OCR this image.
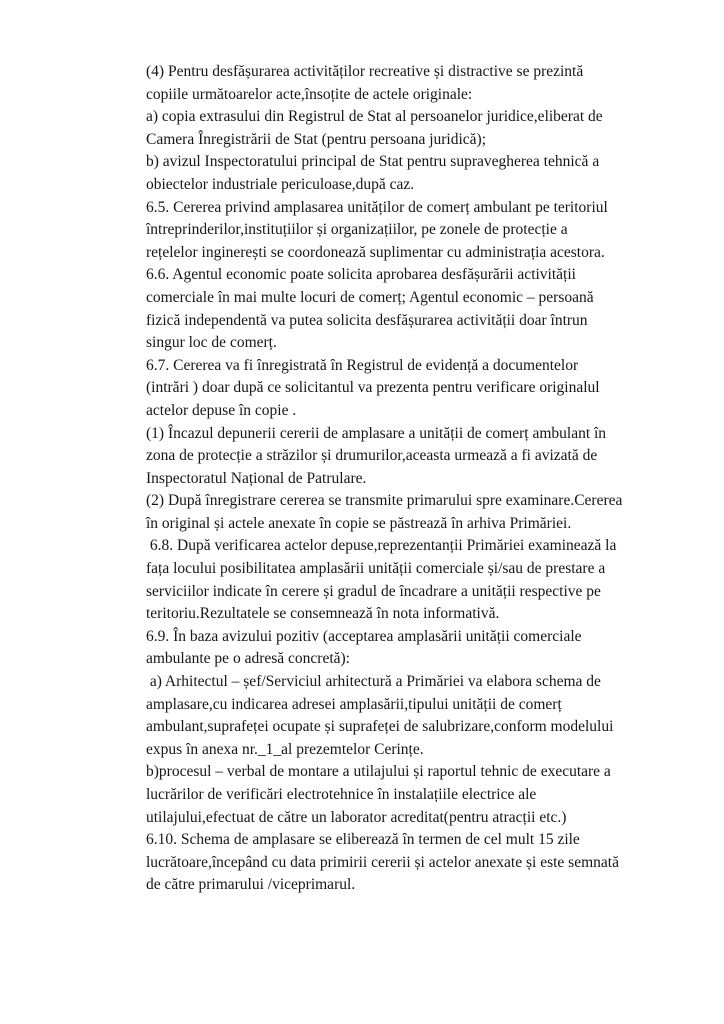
(4) Pentru desfășurarea activităților recreative și distractive se prezintă
copiile următoarelor acte,însoțite de actele originale:
a) copia extrasului din Registrul de Stat al persoanelor juridice,eliberat de
Camera Înregistrării de Stat (pentru persoana juridică);
b) avizul Inspectoratului principal de Stat pentru supravegherea tehnică a
obiectelor industriale periculoase,după caz.
6.5. Cererea privind amplasarea unităților de comerț ambulant pe teritoriul
întreprinderilor,instituțiilor și organizațiilor, pe zonele de protecție a
rețelelor inginerești se coordonează suplimentar cu administrația acestora.
6.6. Agentul economic poate solicita aprobarea desfășurării activității
comerciale în mai multe locuri de comerț; Agentul economic – persoană
fizică independentă va putea solicita desfășurarea activității doar întrun
singur loc de comerț.
6.7. Cererea va fi înregistrată în Registrul de evidență a documentelor
(intrări ) doar după ce solicitantul va prezenta pentru verificare originalul
actelor depuse în copie .
(1) Încazul depunerii cererii de amplasare a unității de comerț ambulant în
zona de protecție a străzilor și drumurilor,aceasta urmează a fi avizată de
Inspectoratul Național de Patrulare.
(2) După înregistrare cererea se transmite primarului spre examinare.Cererea
în original și actele anexate în copie se păstrează în arhiva Primăriei.
6.8. După verificarea actelor depuse,reprezentanții Primăriei examinează la
fața locului posibilitatea amplasării unității comerciale și/sau de prestare a
serviciilor indicate în cerere și gradul de încadrare a unității respective pe
teritoriu.Rezultatele se consemnează în nota informativă.
6.9. În baza avizului pozitiv (acceptarea amplasării unității comerciale
ambulante pe o adresă concretă):
a) Arhitectul – șef/Serviciul arhitectură a Primăriei va elabora schema de
amplasare,cu indicarea adresei amplasării,tipului unității de comerț
ambulant,suprafeței ocupate și suprafeței de salubrizare,conform modelului
expus în anexa nr._1_al prezemtelor Cerințe.
b)procesul – verbal de montare a utilajului și raportul tehnic de executare a
lucrărilor de verificări electrotehnice în instalațiile electrice ale
utilajului,efectuat de către un laborator acreditat(pentru atracții etc.)
6.10. Schema de amplasare se eliberează în termen de cel mult 15 zile
lucrătoare,începând cu data primirii cererii și actelor anexate și este semnată
de către primarului /viceprimarul.
